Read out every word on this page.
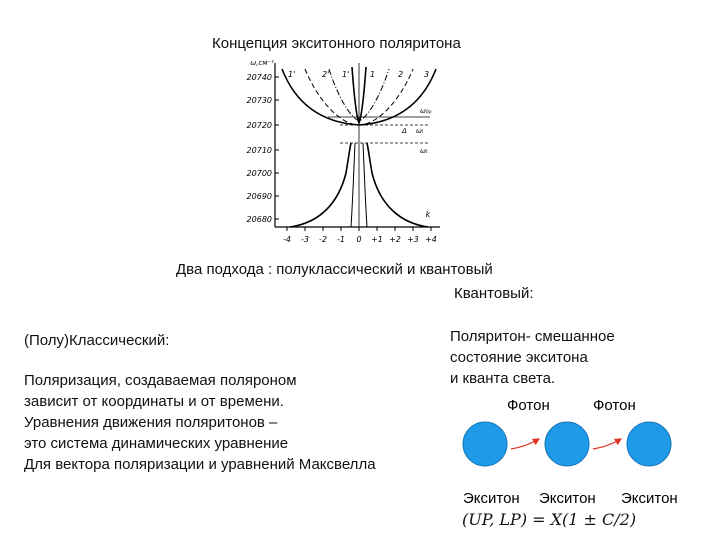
Концепция экситонного поляритона
20740
20730
20720
20710
20700
20690
20680
ω,см⁻¹
-4 -3 -2 -1 0 +1 +2 +3 +4
k
1'	2' 1'	1	2	3
ω₀ₚ
ωₗ
ωₜ
Δ
Два подхода : полуклассический и квантовый
Квантовый:
(Полу)Классический:
Поляризация, создаваемая поляроном
зависит от координаты и от времени.
Уравнения движения поляритонов –
это система динамических уравнение
Для вектора поляризации и уравнений Максвелла
Поляритон- смешанное
состояние экситона
и кванта света.
Фотон	Фотон
Экситон Экситон Экситон
(UP, LP) = X(1 ± C/2)
